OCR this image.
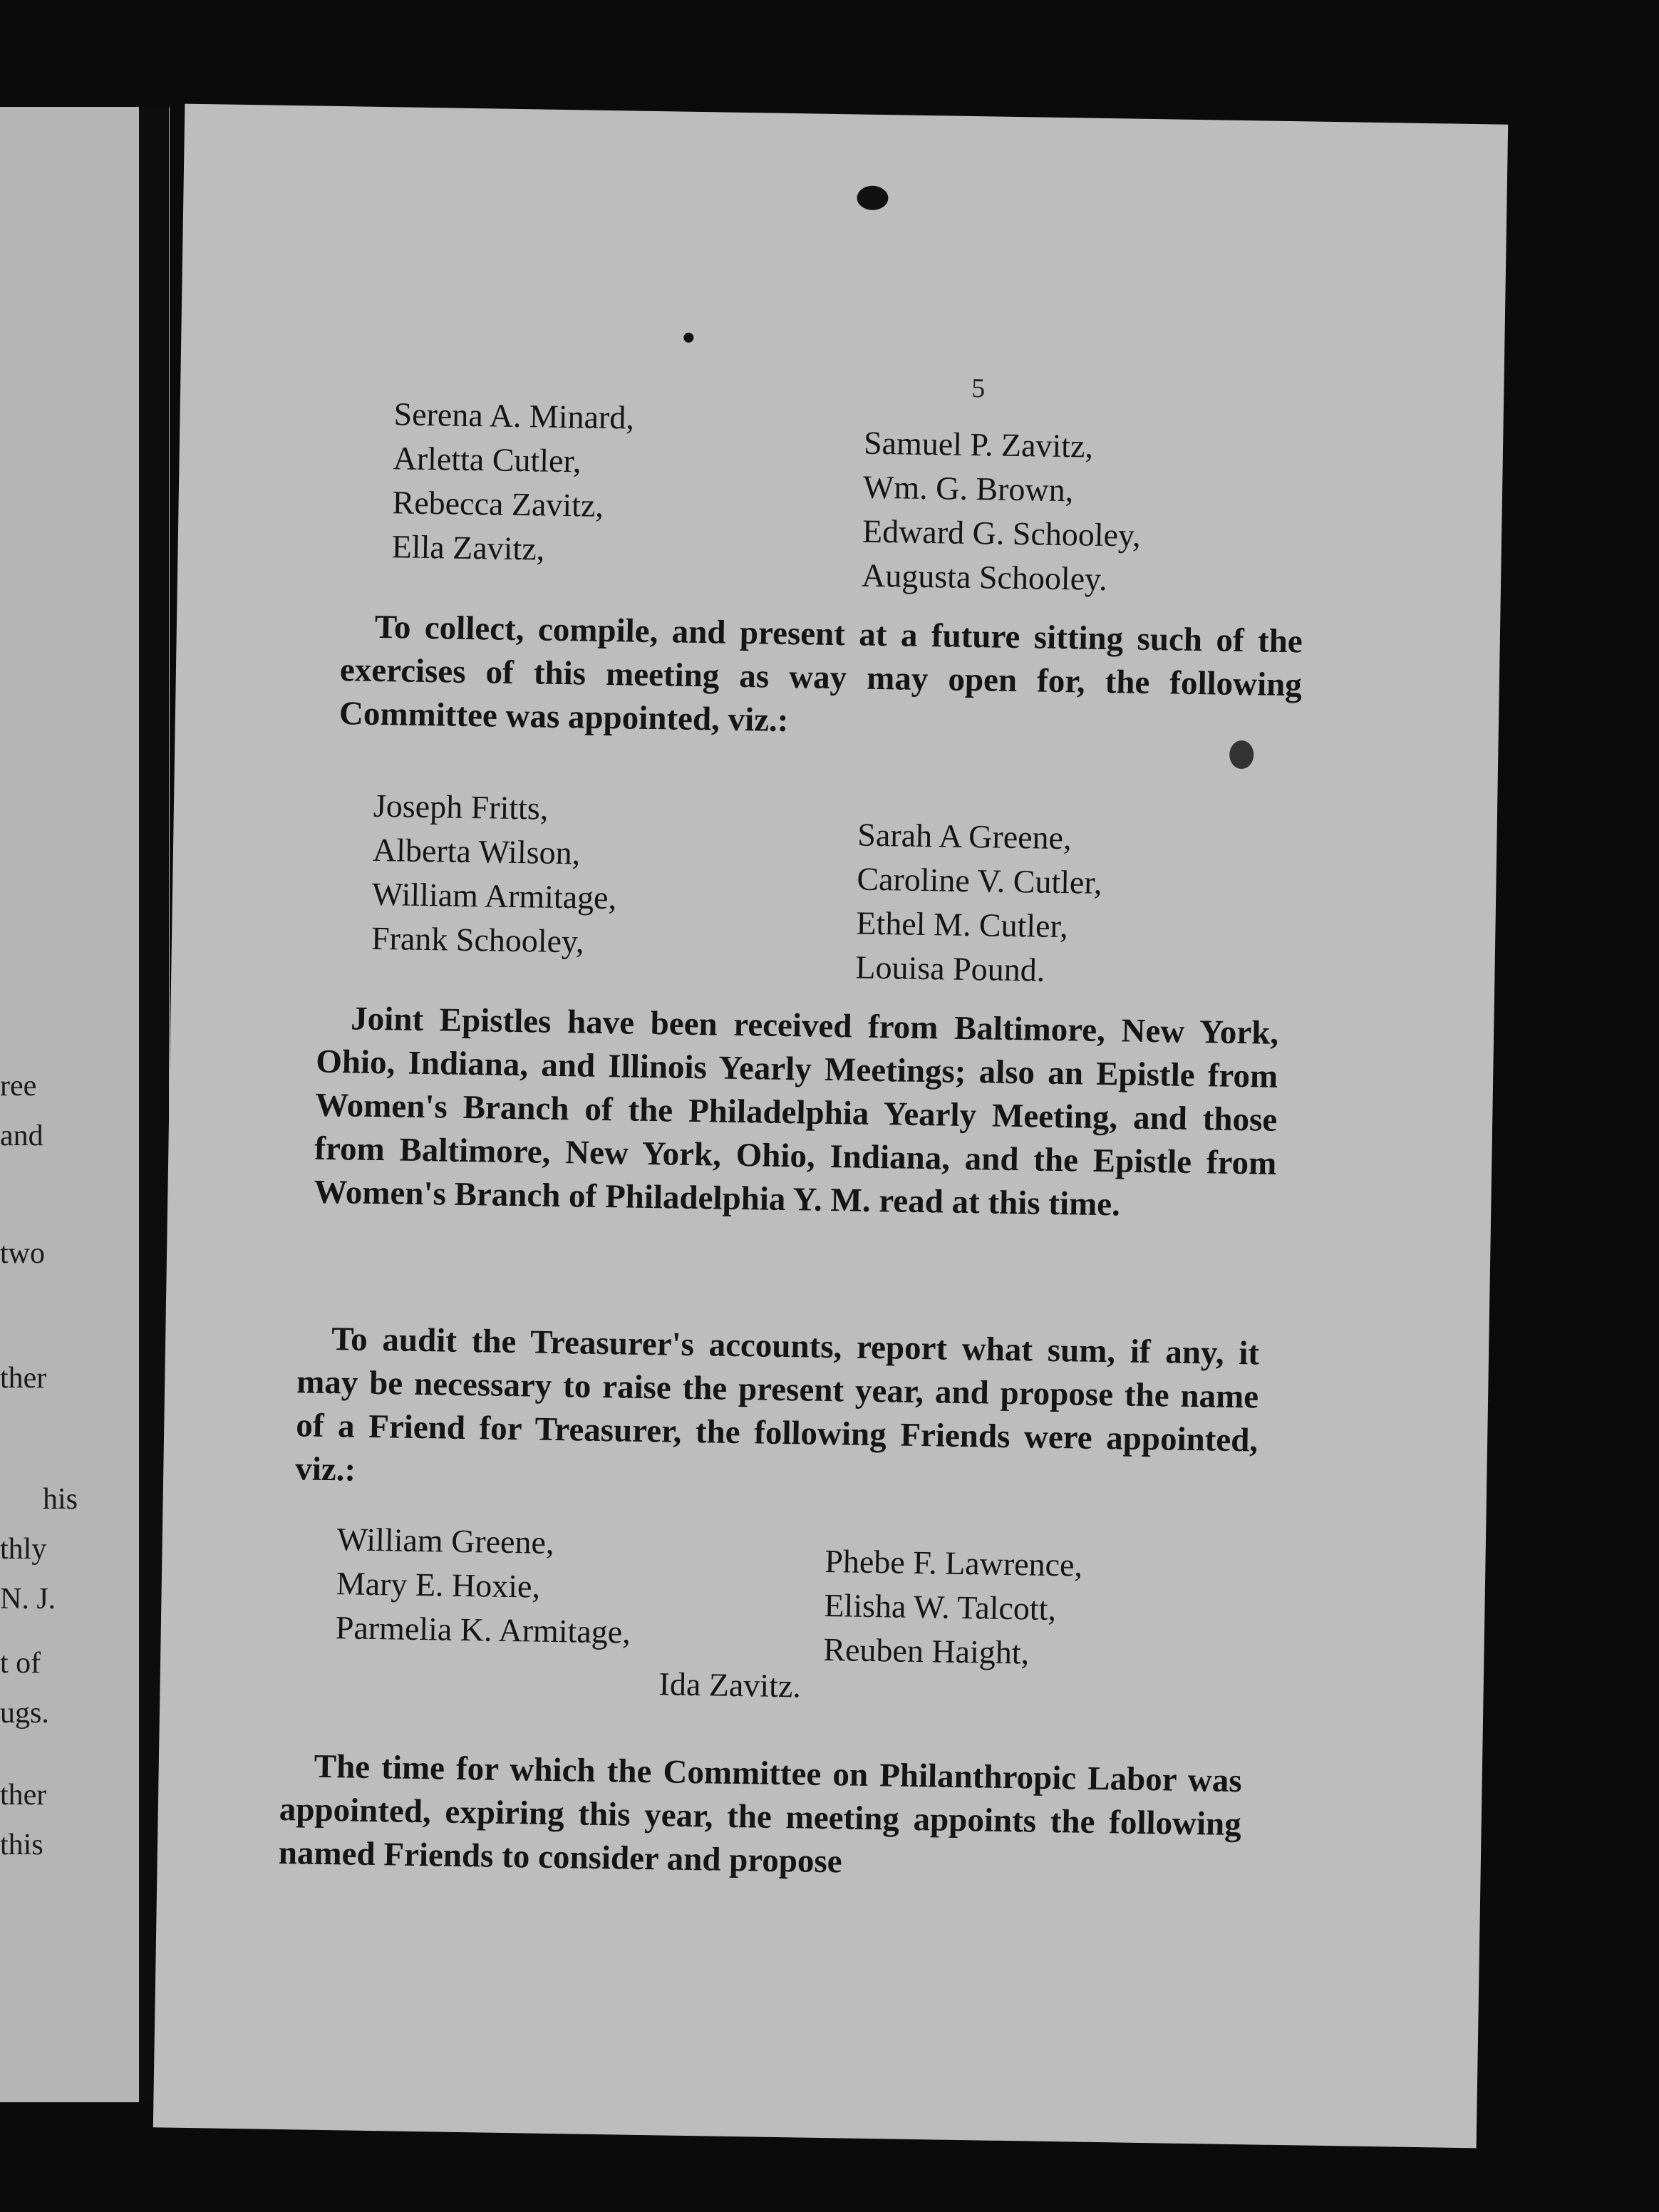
ree
and
two
ther
his
thly
N. J.
t of
ugs.
ther
this
5
Serena A. Minard,
Arletta Cutler,
Rebecca Zavitz,
Ella Zavitz,
Samuel P. Zavitz,
Wm. G. Brown,
Edward G. Schooley,
Augusta Schooley.
To collect, compile, and present at a future sitting such of the exercises of this meeting as way may open for, the following Committee was appointed, viz.:
Joseph Fritts,
Alberta Wilson,
William Armitage,
Frank Schooley,
Sarah A Greene,
Caroline V. Cutler,
Ethel M. Cutler,
Louisa Pound.
Joint Epistles have been received from Baltimore, New York, Ohio, Indiana, and Illinois Yearly Meetings; also an Epistle from Women's Branch of the Philadelphia Yearly Meeting, and those from Baltimore, New York, Ohio, Indiana, and the Epistle from Women's Branch of Philadelphia Y. M. read at this time.
To audit the Treasurer's accounts, report what sum, if any, it may be necessary to raise the present year, and propose the name of a Friend for Treasurer, the following Friends were appointed, viz.:
William Greene,
Mary E. Hoxie,
Parmelia K. Armitage,
Phebe F. Lawrence,
Elisha W. Talcott,
Reuben Haight,
Ida Zavitz.
The time for which the Committee on Philanthropic Labor was appointed, expiring this year, the meeting appoints the following named Friends to consider and propose
